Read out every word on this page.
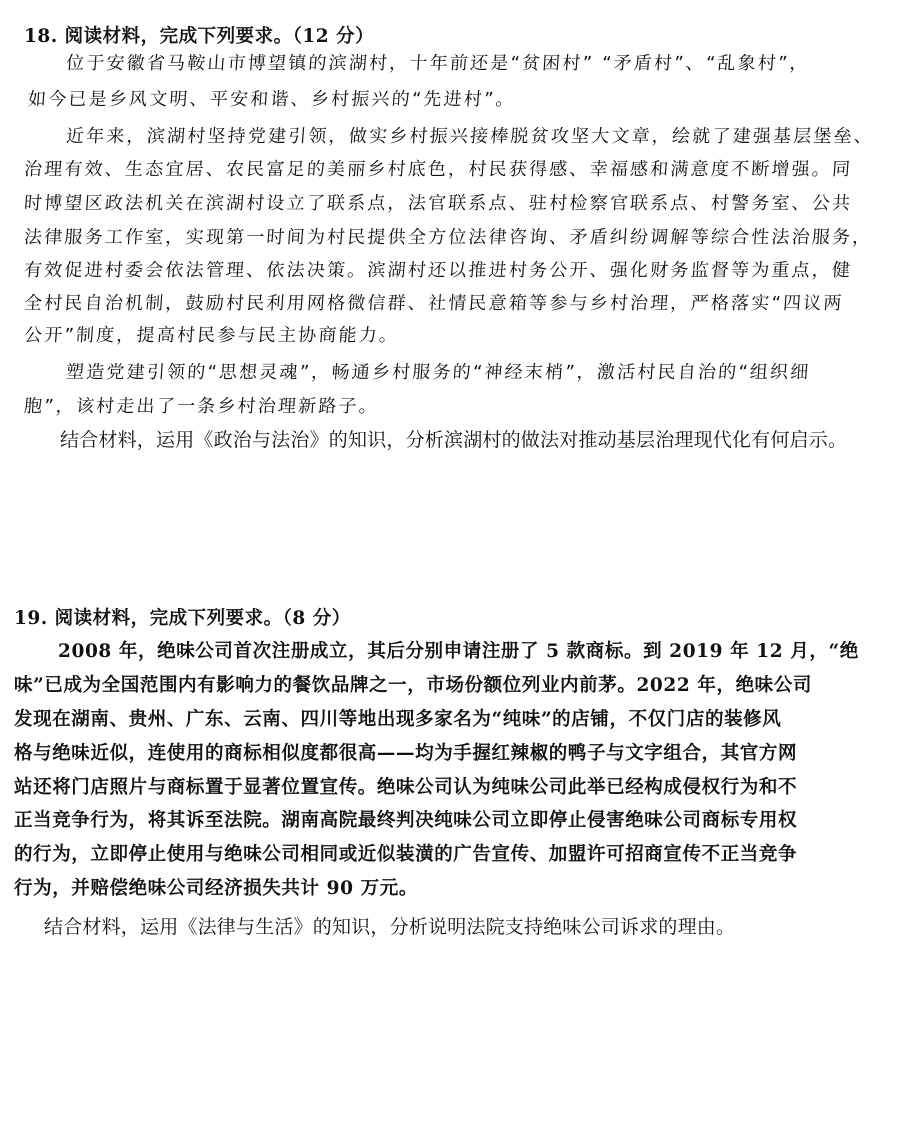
18. 阅读材料，完成下列要求。（12 分）
位于安徽省马鞍山市博望镇的滨湖村，十年前还是“贫困村” “矛盾村”、“乱象村”，
如今已是乡风文明、平安和谐、乡村振兴的“先进村”。
近年来，滨湖村坚持党建引领，做实乡村振兴接棒脱贫攻坚大文章，绘就了建强基层堡垒、
治理有效、生态宜居、农民富足的美丽乡村底色，村民获得感、幸福感和满意度不断增强。同
时博望区政法机关在滨湖村设立了联系点，法官联系点、驻村检察官联系点、村警务室、公共
法律服务工作室，实现第一时间为村民提供全方位法律咨询、矛盾纠纷调解等综合性法治服务，
有效促进村委会依法管理、依法决策。滨湖村还以推进村务公开、强化财务监督等为重点，健
全村民自治机制，鼓励村民利用网格微信群、社情民意箱等参与乡村治理，严格落实“四议两
公开”制度，提高村民参与民主协商能力。
塑造党建引领的“思想灵魂”，畅通乡村服务的“神经末梢”，激活村民自治的“组织细
胞”，该村走出了一条乡村治理新路子。
结合材料，运用《政治与法治》的知识，分析滨湖村的做法对推动基层治理现代化有何启示。
19. 阅读材料，完成下列要求。（8 分）
2008 年，绝味公司首次注册成立，其后分别申请注册了 5 款商标。到 2019 年 12 月，“绝
味”已成为全国范围内有影响力的餐饮品牌之一，市场份额位列业内前茅。2022 年，绝味公司
发现在湖南、贵州、广东、云南、四川等地出现多家名为“纯味”的店铺，不仅门店的装修风
格与绝味近似，连使用的商标相似度都很高——均为手握红辣椒的鸭子与文字组合，其官方网
站还将门店照片与商标置于显著位置宣传。绝味公司认为纯味公司此举已经构成侵权行为和不
正当竞争行为，将其诉至法院。湖南高院最终判决纯味公司立即停止侵害绝味公司商标专用权
的行为，立即停止使用与绝味公司相同或近似装潢的广告宣传、加盟许可招商宣传不正当竞争
行为，并赔偿绝味公司经济损失共计 90 万元。
结合材料，运用《法律与生活》的知识，分析说明法院支持绝味公司诉求的理由。
